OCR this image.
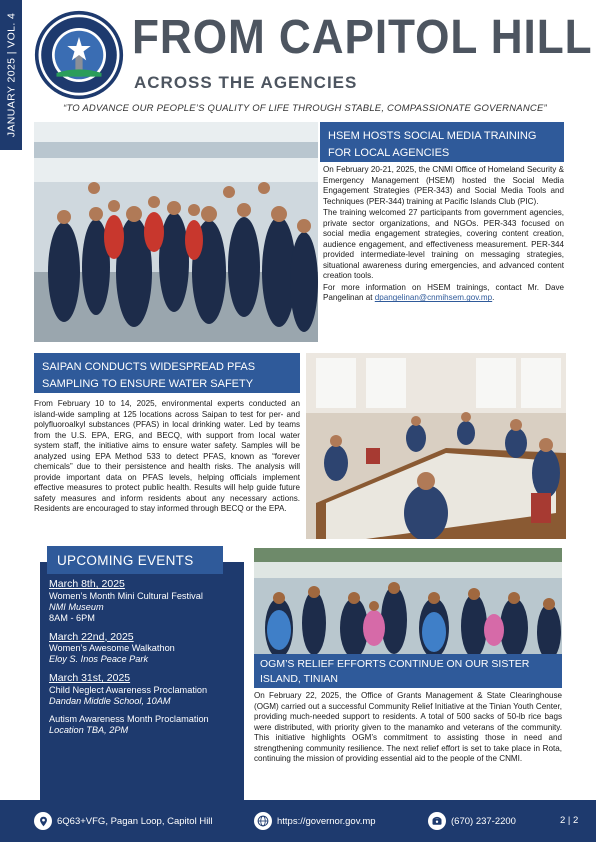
JANUARY 2025 | VOL. 4 FROM CAPITOL HILL
ACROSS THE AGENCIES
“TO ADVANCE OUR PEOPLE’S QUALITY OF LIFE THROUGH STABLE, COMPASSIONATE GOVERNANCE”
HSEM HOSTS SOCIAL MEDIA TRAINING FOR LOCAL AGENCIES

On February 20-21, 2025, the CNMI Office of Homeland Security & Emergency Management (HSEM) hosted the Social Media Engagement Strategies (PER-343) and Social Media Tools and Techniques (PER-344) training at Pacific Islands Club (PIC).

The training welcomed 27 participants from government agencies, private sector organizations, and NGOs. PER-343 focused on social media engagement strategies, covering content creation, audience engagement, and effectiveness measurement. PER-344 provided intermediate-level training on messaging strategies, situational awareness during emergencies, and advanced content creation tools.

For more information on HSEM trainings, contact Mr. Dave Pangelinan at dpangelinan@cnmihsem.gov.mp.

SAIPAN CONDUCTS WIDESPREAD PFAS SAMPLING TO ENSURE WATER SAFETY

From February 10 to 14, 2025, environmental experts conducted an island-wide sampling at 125 locations across Saipan to test for per- and polyfluoroalkyl substances (PFAS) in local drinking water. Led by teams from the U.S. EPA, ERG, and BECQ, with support from local water system staff, the initiative aims to ensure water safety. Samples will be analyzed using EPA Method 533 to detect PFAS, known as “forever chemicals” due to their persistence and health risks. The analysis will provide important data on PFAS levels, helping officials implement effective measures to protect public health. Results will help guide future safety measures and inform residents about any necessary actions. Residents are encouraged to stay informed through BECQ or the EPA.

UPCOMING EVENTS
March 8th, 2025
Women’s Month Mini Cultural Festival
NMI Museum
8AM - 6PM
March 22nd, 2025
Women’s Awesome Walkathon
Eloy S. Inos Peace Park
March 31st, 2025
Child Neglect Awareness Proclamation
Dandan Middle School, 10AM
Autism Awareness Month Proclamation
Location TBA, 2PM
OGM’S RELIEF EFFORTS CONTINUE ON OUR SISTER ISLAND, TINIAN

On February 22, 2025, the Office of Grants Management & State Clearinghouse (OGM) carried out a successful Community Relief Initiative at the Tinian Youth Center, providing much-needed support to residents. A total of 500 sacks of 50-lb rice bags were distributed, with priority given to the manamko and veterans of the community. This initiative highlights OGM’s commitment to assisting those in need and strengthening community resilience. The next relief effort is set to take place in Rota, continuing the mission of providing essential aid to the people of the CNMI.

6Q63+VFG, Pagan Loop, Capitol Hill	https://governor.gov.mp	(670) 237-2200	2 | 2
